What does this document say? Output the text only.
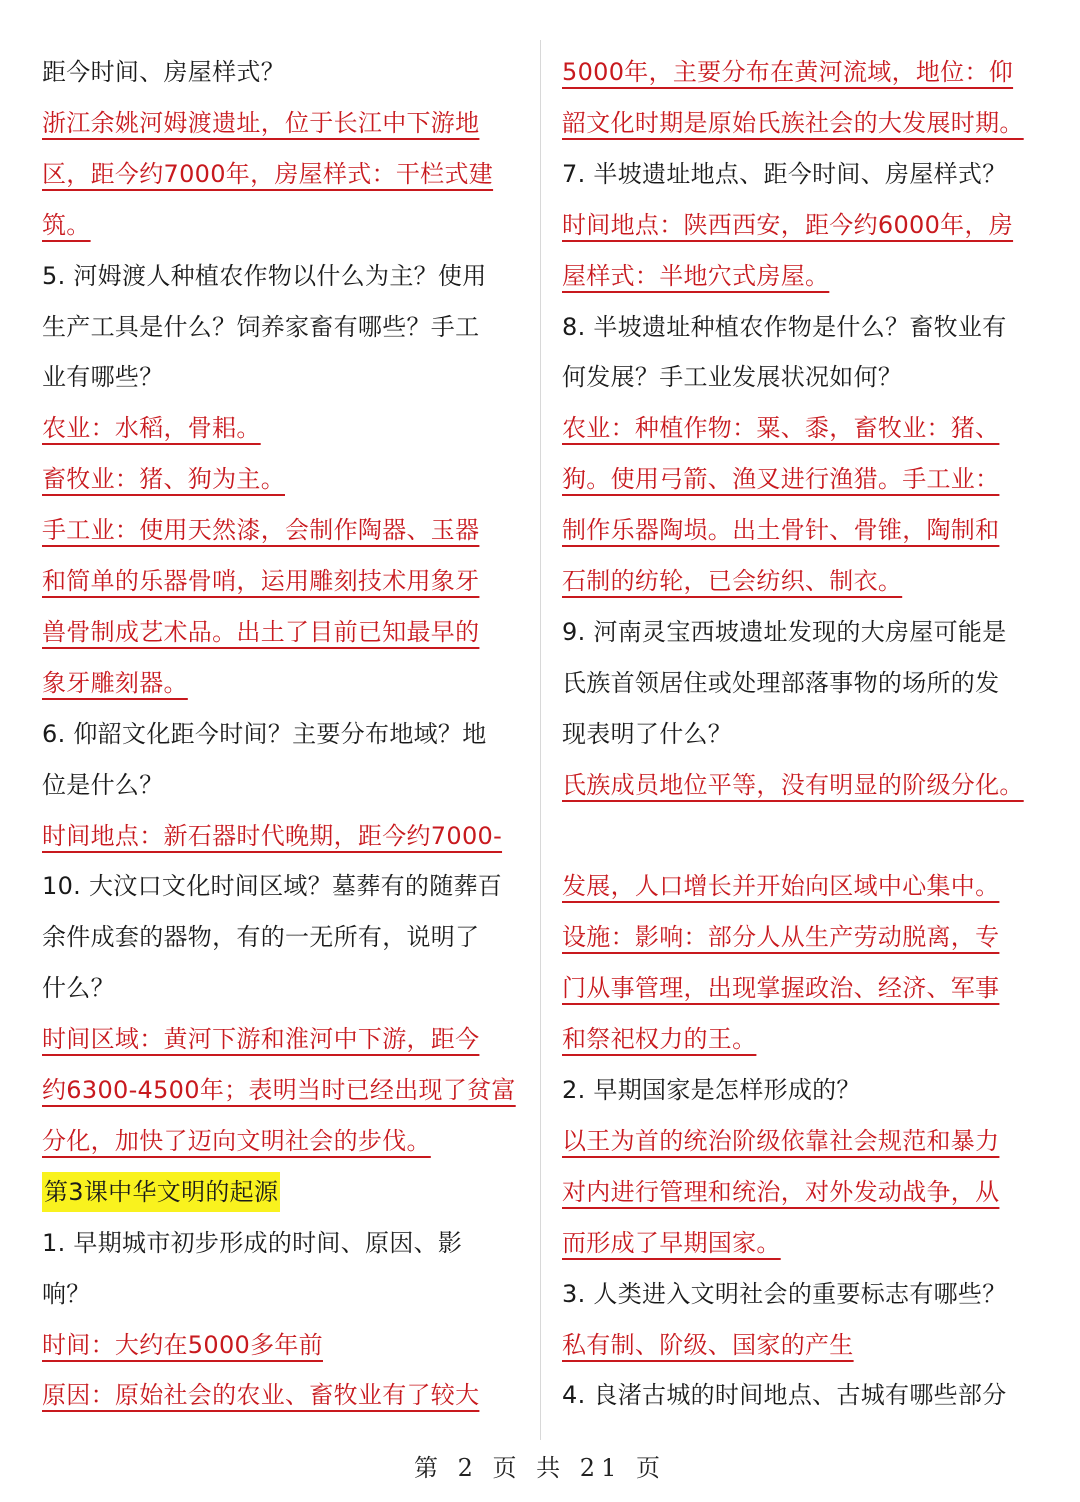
距今时间、房屋样式？
浙江余姚河姆渡遗址，位于长江中下游地
区，距今约7000年，房屋样式：干栏式建
筑。
5. 河姆渡人种植农作物以什么为主？使用
生产工具是什么？饲养家畜有哪些？手工
业有哪些？
农业：水稻，骨耜。
畜牧业：猪、狗为主。
手工业：使用天然漆，会制作陶器、玉器
和简单的乐器骨哨，运用雕刻技术用象牙
兽骨制成艺术品。出土了目前已知最早的
象牙雕刻器。
6. 仰韶文化距今时间？主要分布地域？地
位是什么？
时间地点：新石器时代晚期，距今约7000-
10. 大汶口文化时间区域？墓葬有的随葬百
余件成套的器物，有的一无所有，说明了
什么？
时间区域：黄河下游和淮河中下游，距今
约6300-4500年；表明当时已经出现了贫富
分化，加快了迈向文明社会的步伐。
第3课中华文明的起源
1. 早期城市初步形成的时间、原因、影
响？
时间：大约在5000多年前
原因：原始社会的农业、畜牧业有了较大
5000年，主要分布在黄河流域，地位：仰
韶文化时期是原始氏族社会的大发展时期。
7. 半坡遗址地点、距今时间、房屋样式？
时间地点：陕西西安，距今约6000年，房
屋样式：半地穴式房屋。
8. 半坡遗址种植农作物是什么？畜牧业有
何发展？手工业发展状况如何？
农业：种植作物：粟、黍，畜牧业：猪、
狗。使用弓箭、渔叉进行渔猎。手工业：
制作乐器陶埙。出土骨针、骨锥，陶制和
石制的纺轮，已会纺织、制衣。
9. 河南灵宝西坡遗址发现的大房屋可能是
氏族首领居住或处理部落事物的场所的发
现表明了什么？
氏族成员地位平等，没有明显的阶级分化。
发展，人口增长并开始向区域中心集中。
设施：影响：部分人从生产劳动脱离，专
门从事管理，出现掌握政治、经济、军事
和祭祀权力的王。
2. 早期国家是怎样形成的？
以王为首的统治阶级依靠社会规范和暴力
对内进行管理和统治，对外发动战争，从
而形成了早期国家。
3. 人类进入文明社会的重要标志有哪些？
私有制、阶级、国家的产生
4. 良渚古城的时间地点、古城有哪些部分
第 2 页 共 21 页
